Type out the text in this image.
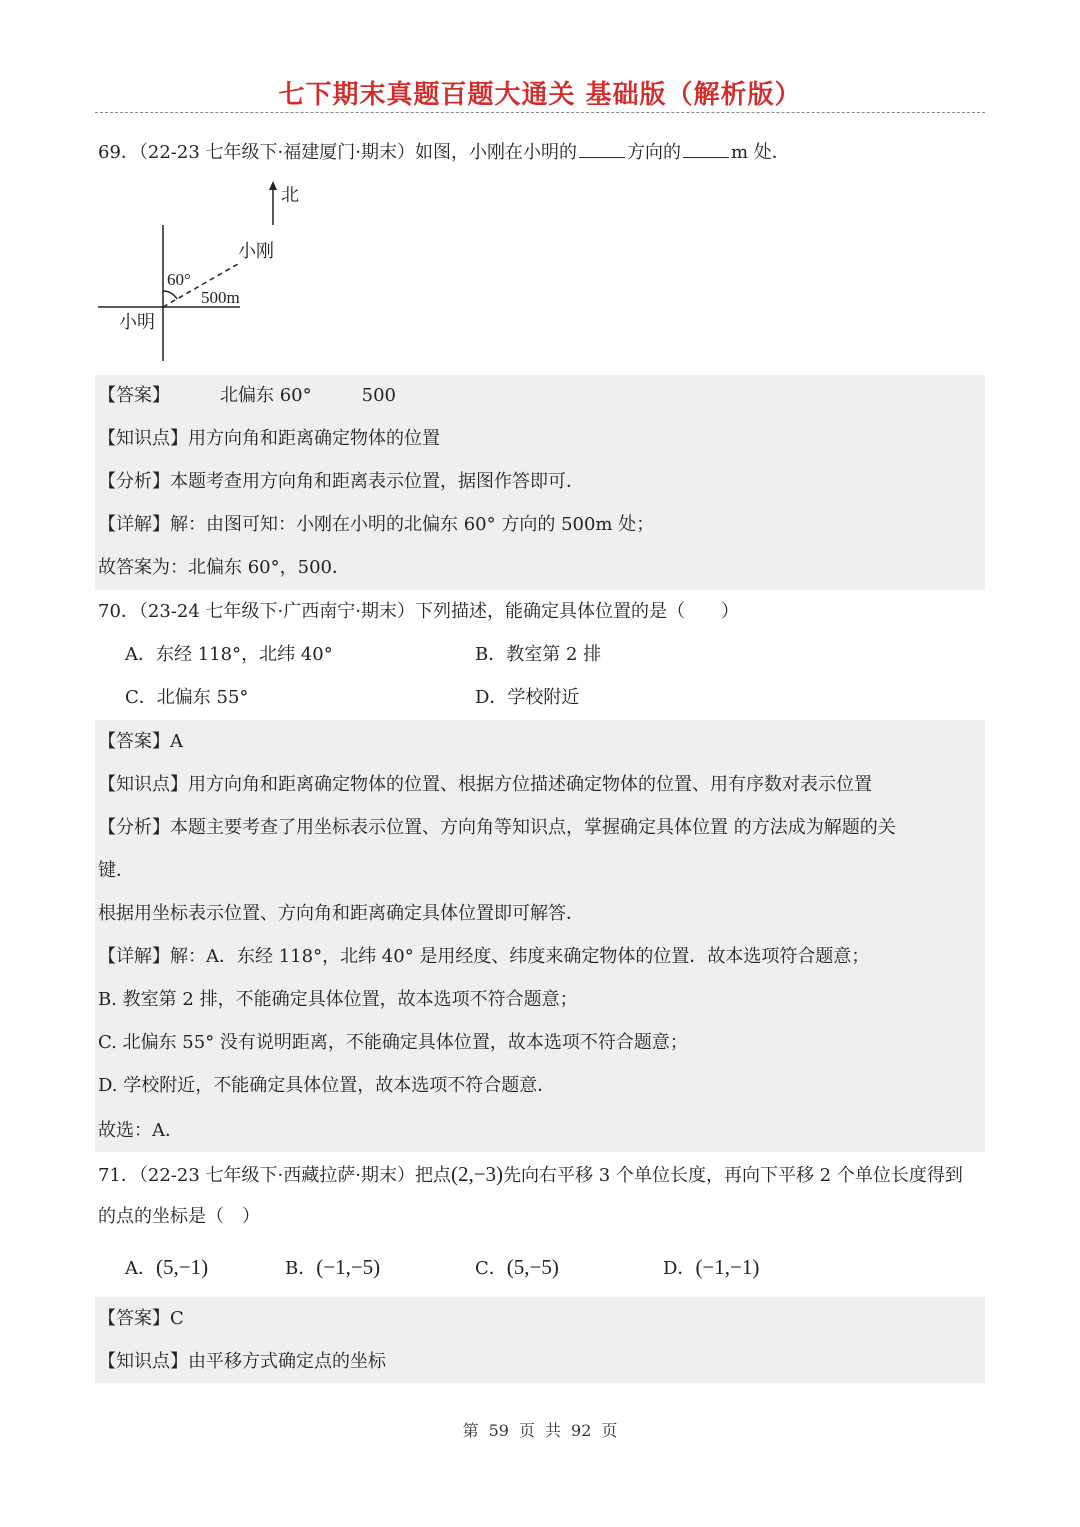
七下期末真题百题大通关 基础版（解析版）
69．（22-23 七年级下·福建厦门·期末）如图，小刚在小明的	方向的	m 处．
北
小刚
60°
500m
小明
【答案】	北偏东 60°	500
【知识点】用方向角和距离确定物体的位置
【分析】本题考查用方向角和距离表示位置，据图作答即可．
【详解】解：由图可知：小刚在小明的北偏东 60° 方向的 500m 处；
故答案为：北偏东 60°，500．
70．（23-24 七年级下·广西南宁·期末）下列描述，能确定具体位置的是（　　）
A．东经 118°，北纬 40°	B．教室第 2 排
C．北偏东 55°	D．学校附近
【答案】A
【知识点】用方向角和距离确定物体的位置、根据方位描述确定物体的位置、用有序数对表示位置
【分析】本题主要考查了用坐标表示位置、方向角等知识点，掌握确定具体位置 的方法成为解题的关
键．
根据用坐标表示位置、方向角和距离确定具体位置即可解答．
【详解】解：A．东经 118°，北纬 40° 是用经度、纬度来确定物体的位置．故本选项符合题意；
B. 教室第 2 排，不能确定具体位置，故本选项不符合题意；
C. 北偏东 55° 没有说明距离，不能确定具体位置，故本选项不符合题意；
D. 学校附近，不能确定具体位置，故本选项不符合题意．
故选：A．
71．（22-23 七年级下·西藏拉萨·期末）把点(2,−3)先向右平移 3 个单位长度，再向下平移 2 个单位长度得到
的点的坐标是（　）
A．(5,−1)	B．(−1,−5)	C．(5,−5)	D．(−1,−1)
【答案】C
【知识点】由平移方式确定点的坐标
第 59 页 共 92 页
